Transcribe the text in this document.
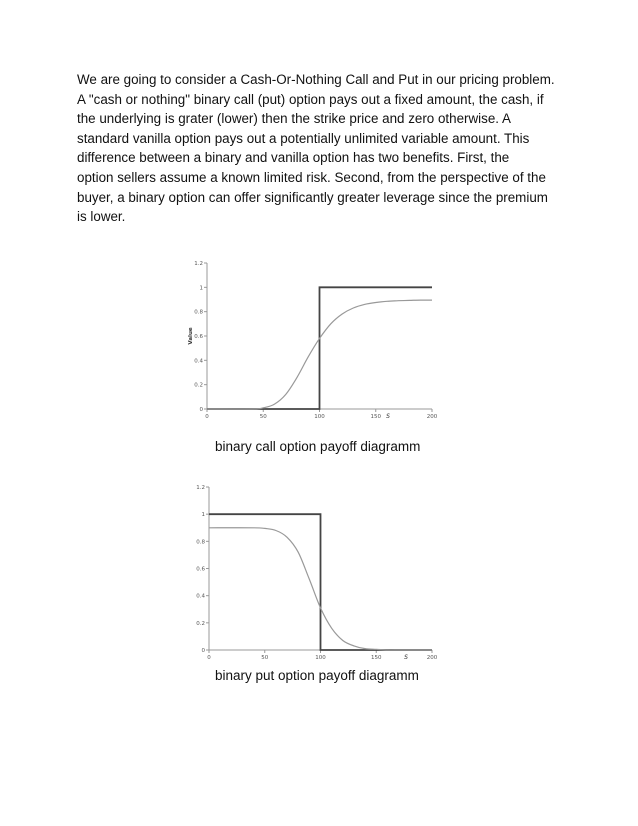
We are going to consider a Cash-Or-Nothing Call and Put in our pricing problem.
A "cash or nothing" binary call (put) option pays out a fixed amount, the cash, if
the underlying is grater (lower) then the strike price and zero otherwise. A
standard vanilla option pays out a potentially unlimited variable amount. This
difference between a binary and vanilla option has two benefits. First, the
option sellers assume a known limited risk. Second, from the perspective of the
buyer, a binary option can offer significantly greater leverage since the premium
is lower.
0
0.2
0.4
0.6
0.8
1
1.2
0	50	100	150	200
S
Value
binary call option payoff diagramm
0
0.2
0.4
0.6
0.8
1
1.2
0	50	100	150	200
S
binary put option payoff diagramm
